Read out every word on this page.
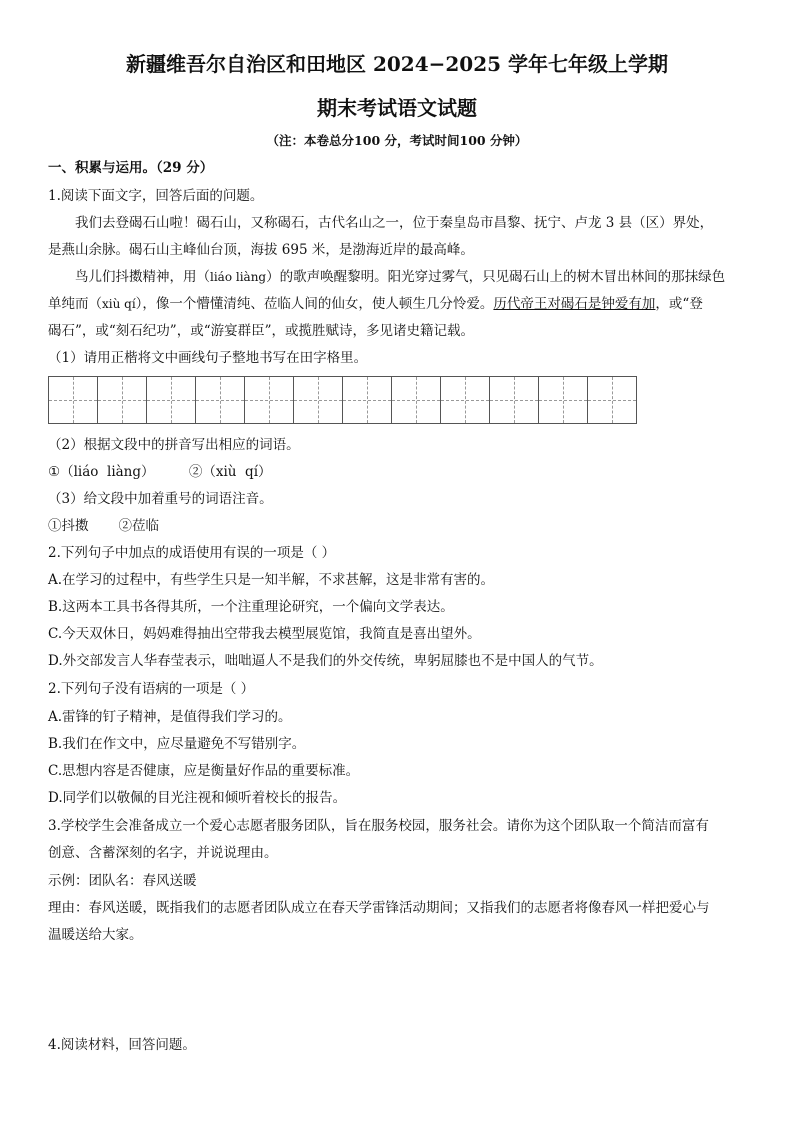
新疆维吾尔自治区和田地区 2024−2025 学年七年级上学期
期末考试语文试题
（注：本卷总分100 分，考试时间100 分钟）
一、积累与运用。（29 分）
1.阅读下面文字，回答后面的问题。
我们去登碣石山啦！碣石山，又称碣石，古代名山之一，位于秦皇岛市昌黎、抚宁、卢龙 3 县（区）界处，
是燕山余脉。碣石山主峰仙台顶，海拔 695 米，是渤海近岸的最高峰。
鸟儿们抖擞精神，用（liáo liàng）的歌声唤醒黎明。阳光穿过雾气，只见碣石山上的树木冒出林间的那抹绿色
单纯而（xiù qí），像一个懵懂清纯、莅临人间的仙女，使人顿生几分怜爱。历代帝王对碣石是钟爱有加，或“登
碣石”，或“刻石纪功”，或“游宴群臣”，或揽胜赋诗，多见诸史籍记载。
（1）请用正楷将文中画线句子整地书写在田字格里。
（2）根据文段中的拼音写出相应的词语。
①（liáo  liàng）        ②（xiù  qí）
（3）给文段中加着重号的词语注音。
①抖擞       ②莅临
2.下列句子中加点的成语使用有误的一项是（ ）
A.在学习的过程中，有些学生只是一知半解，不求甚解，这是非常有害的。
B.这两本工具书各得其所，一个注重理论研究，一个偏向文学表达。
C.今天双休日，妈妈难得抽出空带我去模型展览馆，我简直是喜出望外。
D.外交部发言人华春莹表示，咄咄逼人不是我们的外交传统，卑躬屈膝也不是中国人的气节。
2.下列句子没有语病的一项是（ ）
A.雷锋的钉子精神，是值得我们学习的。
B.我们在作文中，应尽量避免不写错别字。
C.思想内容是否健康，应是衡量好作品的重要标准。
D.同学们以敬佩的目光注视和倾听着校长的报告。
3.学校学生会准备成立一个爱心志愿者服务团队，旨在服务校园，服务社会。请你为这个团队取一个简洁而富有
创意、含蓄深刻的名字，并说说理由。
示例：团队名：春风送暖
理由：春风送暖，既指我们的志愿者团队成立在春天学雷锋活动期间；又指我们的志愿者将像春风一样把爱心与
温暖送给大家。
4.阅读材料，回答问题。
